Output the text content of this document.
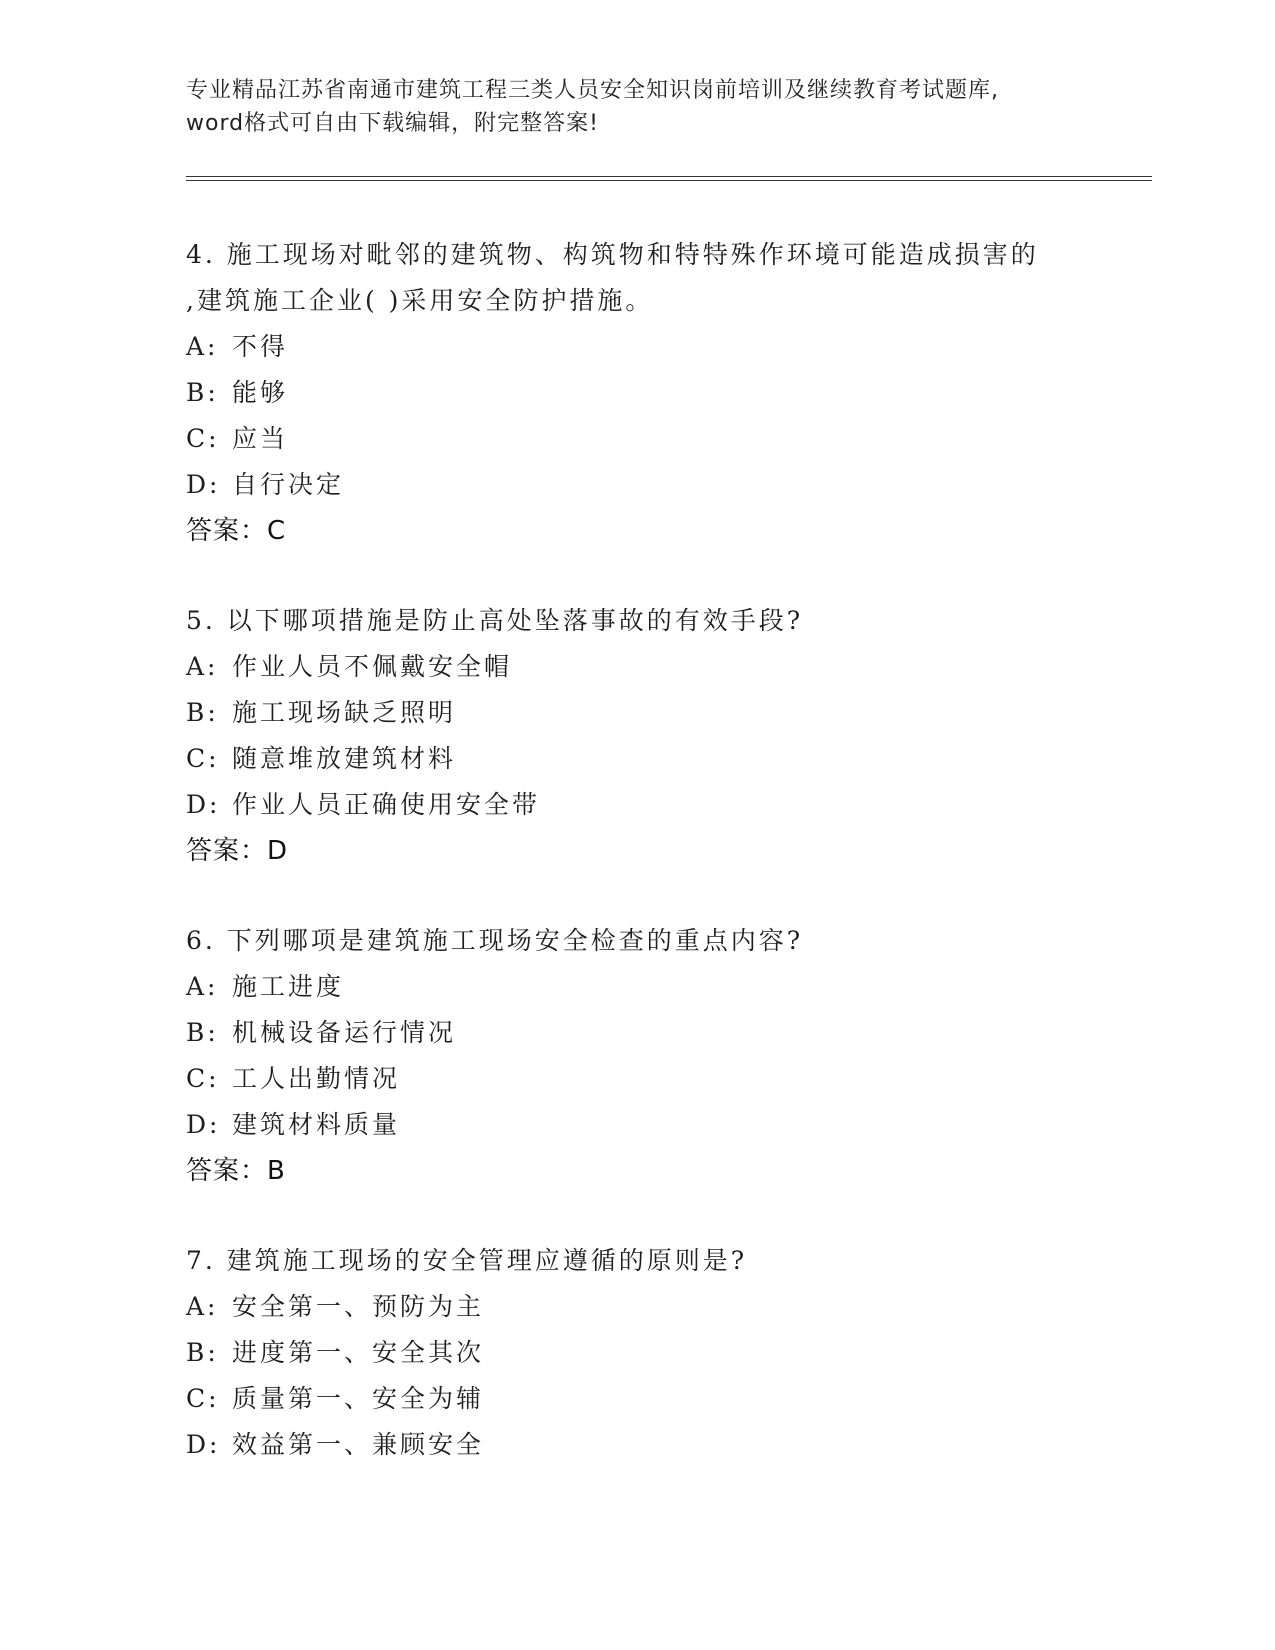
专业精品江苏省南通市建筑工程三类人员安全知识岗前培训及继续教育考试题库,
word格式可自由下载编辑，附完整答案!
4. 施工现场对毗邻的建筑物、构筑物和特特殊作环境可能造成损害的
,建筑施工企业( )采用安全防护措施。
A: 不得
B: 能够
C: 应当
D: 自行决定
答案：C
5. 以下哪项措施是防止高处坠落事故的有效手段?
A: 作业人员不佩戴安全帽
B: 施工现场缺乏照明
C: 随意堆放建筑材料
D: 作业人员正确使用安全带
答案：D
6. 下列哪项是建筑施工现场安全检查的重点内容?
A: 施工进度
B: 机械设备运行情况
C: 工人出勤情况
D: 建筑材料质量
答案：B
7. 建筑施工现场的安全管理应遵循的原则是?
A: 安全第一、预防为主
B: 进度第一、安全其次
C: 质量第一、安全为辅
D: 效益第一、兼顾安全
